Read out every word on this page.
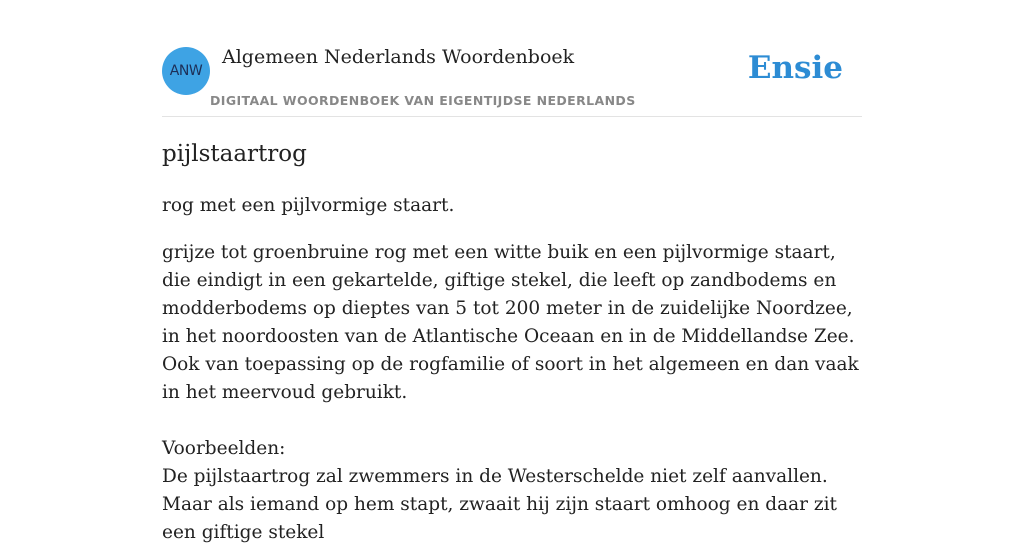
ANW
Algemeen Nederlands Woordenboek
DIGITAAL WOORDENBOEK VAN EIGENTIJDSE NEDERLANDS
Ensie
pijlstaartrog

rog met een pijlvormige staart.

grijze tot groenbruine rog met een witte buik en een pijlvormige staart, die eindigt in een gekartelde, giftige stekel, die leeft op zandbodems en modderbodems op dieptes van 5 tot 200 meter in de zuidelijke Noordzee, in het noordoosten van de Atlantische Oceaan en in de Middellandse Zee.
Ook van toepassing op de rogfamilie of soort in het algemeen en dan vaak in het meervoud gebruikt.

Voorbeelden:
De pijlstaartrog zal zwemmers in de Westerschelde niet zelf aanvallen. Maar als iemand op hem stapt, zwaait hij zijn staart omhoog en daar zit een giftige stekel
